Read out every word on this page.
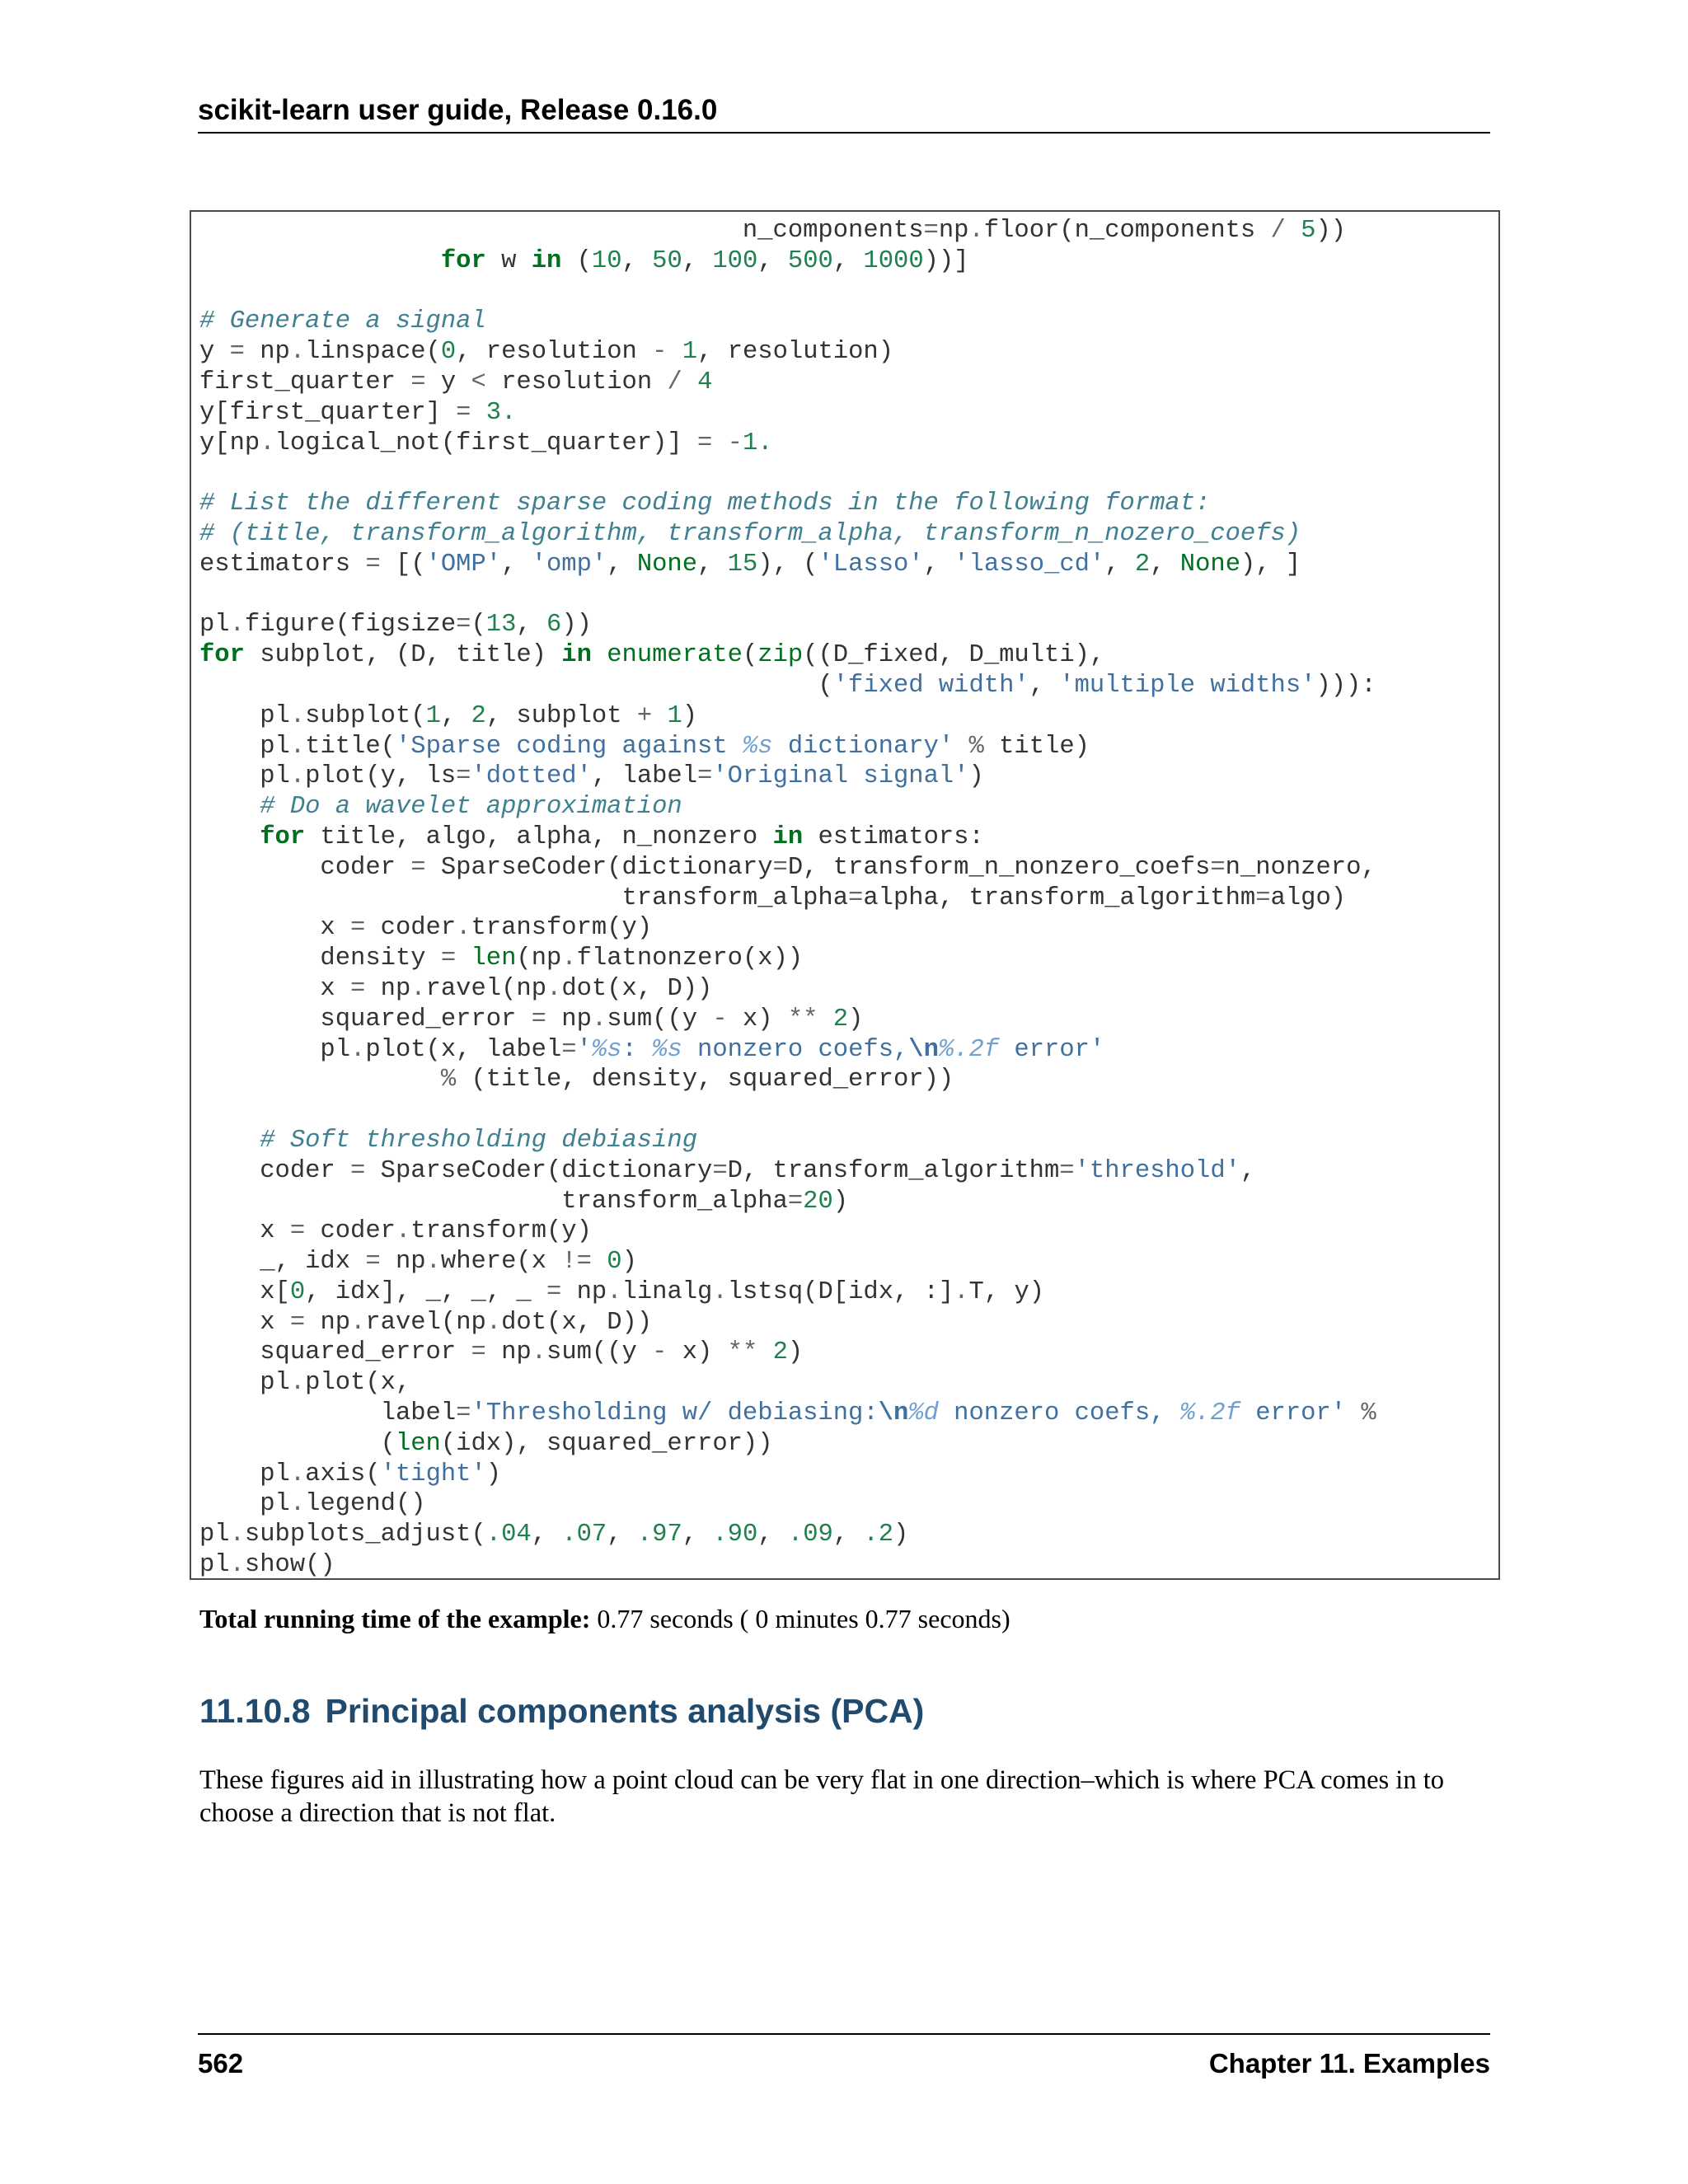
scikit-learn user guide, Release 0.16.0
n_components=np.floor(n_components / 5))
for w in (10, 50, 100, 500, 1000))]
# Generate a signal
y = np.linspace(0, resolution - 1, resolution)
first_quarter = y < resolution / 4
y[first_quarter] = 3.
y[np.logical_not(first_quarter)] = -1.
# List the different sparse coding methods in the following format:
# (title, transform_algorithm, transform_alpha, transform_n_nozero_coefs)
estimators = [('OMP', 'omp', None, 15), ('Lasso', 'lasso_cd', 2, None), ]
pl.figure(figsize=(13, 6))
for subplot, (D, title) in enumerate(zip((D_fixed, D_multi),
('fixed width', 'multiple widths'))):
pl.subplot(1, 2, subplot + 1)
pl.title('Sparse coding against %s dictionary' % title)
pl.plot(y, ls='dotted', label='Original signal')
# Do a wavelet approximation
for title, algo, alpha, n_nonzero in estimators:
coder = SparseCoder(dictionary=D, transform_n_nonzero_coefs=n_nonzero,
transform_alpha=alpha, transform_algorithm=algo)
x = coder.transform(y)
density = len(np.flatnonzero(x))
x = np.ravel(np.dot(x, D))
squared_error = np.sum((y - x) ** 2)
pl.plot(x, label='%s: %s nonzero coefs,\n%.2f error'
% (title, density, squared_error))
# Soft thresholding debiasing
coder = SparseCoder(dictionary=D, transform_algorithm='threshold',
transform_alpha=20)
x = coder.transform(y)
_, idx = np.where(x != 0)
x[0, idx], _, _, _ = np.linalg.lstsq(D[idx, :].T, y)
x = np.ravel(np.dot(x, D))
squared_error = np.sum((y - x) ** 2)
pl.plot(x,
label='Thresholding w/ debiasing:\n%d nonzero coefs, %.2f error' %
(len(idx), squared_error))
pl.axis('tight')
pl.legend()
pl.subplots_adjust(.04, .07, .97, .90, .09, .2)
pl.show()
Total running time of the example: 0.77 seconds ( 0 minutes 0.77 seconds)
11.10.8 Principal components analysis (PCA)

These figures aid in illustrating how a point cloud can be very flat in one direction–which is where PCA comes in to choose a direction that is not flat.

562	Chapter 11. Examples
